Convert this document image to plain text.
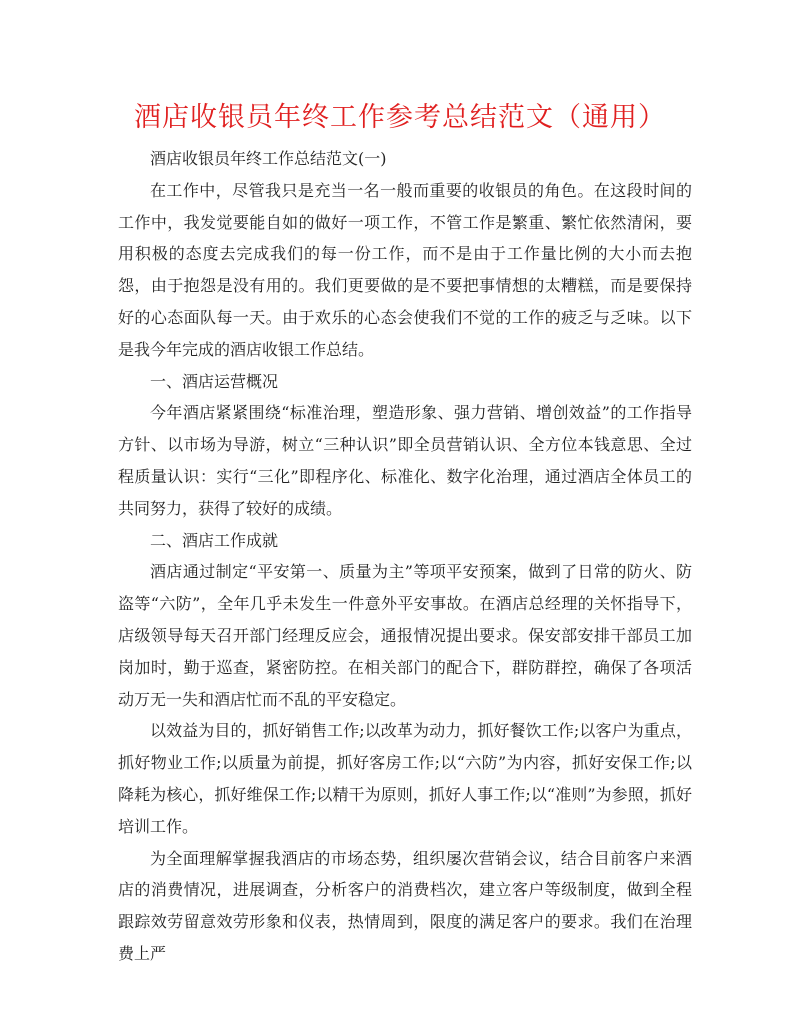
酒店收银员年终工作参考总结范文（通用）

酒店收银员年终工作总结范文(一)

在工作中，尽管我只是充当一名一般而重要的收银员的角色。在这段时间的工作中，我发觉要能自如的做好一项工作，不管工作是繁重、繁忙依然清闲，要用积极的态度去完成我们的每一份工作，而不是由于工作量比例的大小而去抱怨，由于抱怨是没有用的。我们更要做的是不要把事情想的太糟糕，而是要保持好的心态面队每一天。由于欢乐的心态会使我们不觉的工作的疲乏与乏味。以下是我今年完成的酒店收银工作总结。

一、酒店运营概况

今年酒店紧紧围绕“标准治理，塑造形象、强力营销、增创效益”的工作指导方针、以市场为导游，树立“三种认识”即全员营销认识、全方位本钱意思、全过程质量认识：实行“三化”即程序化、标准化、数字化治理，通过酒店全体员工的共同努力，获得了较好的成绩。

二、酒店工作成就

酒店通过制定“平安第一、质量为主”等项平安预案，做到了日常的防火、防盗等“六防”，全年几乎未发生一件意外平安事故。在酒店总经理的关怀指导下，店级领导每天召开部门经理反应会，通报情况提出要求。保安部安排干部员工加岗加时，勤于巡查，紧密防控。在相关部门的配合下，群防群控，确保了各项活动万无一失和酒店忙而不乱的平安稳定。

以效益为目的，抓好销售工作;以改革为动力，抓好餐饮工作;以客户为重点，抓好物业工作;以质量为前提，抓好客房工作;以“六防”为内容，抓好安保工作;以降耗为核心，抓好维保工作;以精干为原则，抓好人事工作;以“准则”为参照，抓好培训工作。

为全面理解掌握我酒店的市场态势，组织屡次营销会议，结合目前客户来酒店的消费情况，进展调查，分析客户的消费档次，建立客户等级制度，做到全程跟踪效劳留意效劳形象和仪表，热情周到，限度的满足客户的要求。我们在治理费上严
